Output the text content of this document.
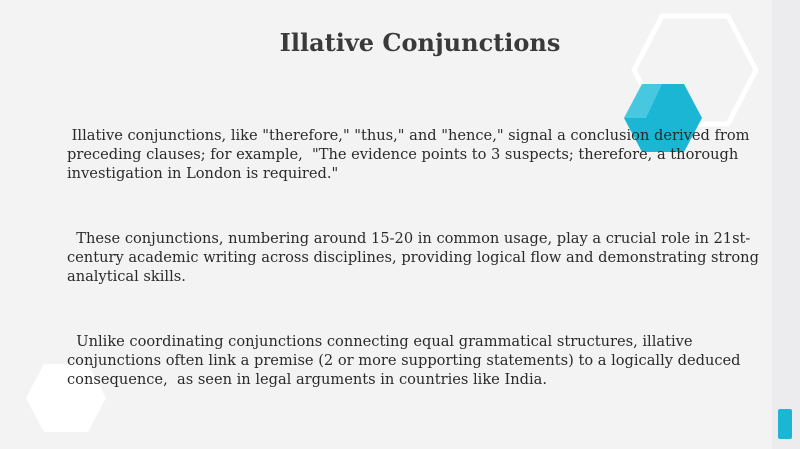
Illative Conjunctions

Illative conjunctions, like "therefore," "thus," and "hence," signal a conclusion derived from preceding clauses; for example,  "The evidence points to 3 suspects; therefore, a thorough investigation in London is required."

These conjunctions, numbering around 15-20 in common usage, play a crucial role in 21st-century academic writing across disciplines, providing logical flow and demonstrating strong analytical skills.

Unlike coordinating conjunctions connecting equal grammatical structures, illative conjunctions often link a premise (2 or more supporting statements) to a logically deduced consequence,  as seen in legal arguments in countries like India.
